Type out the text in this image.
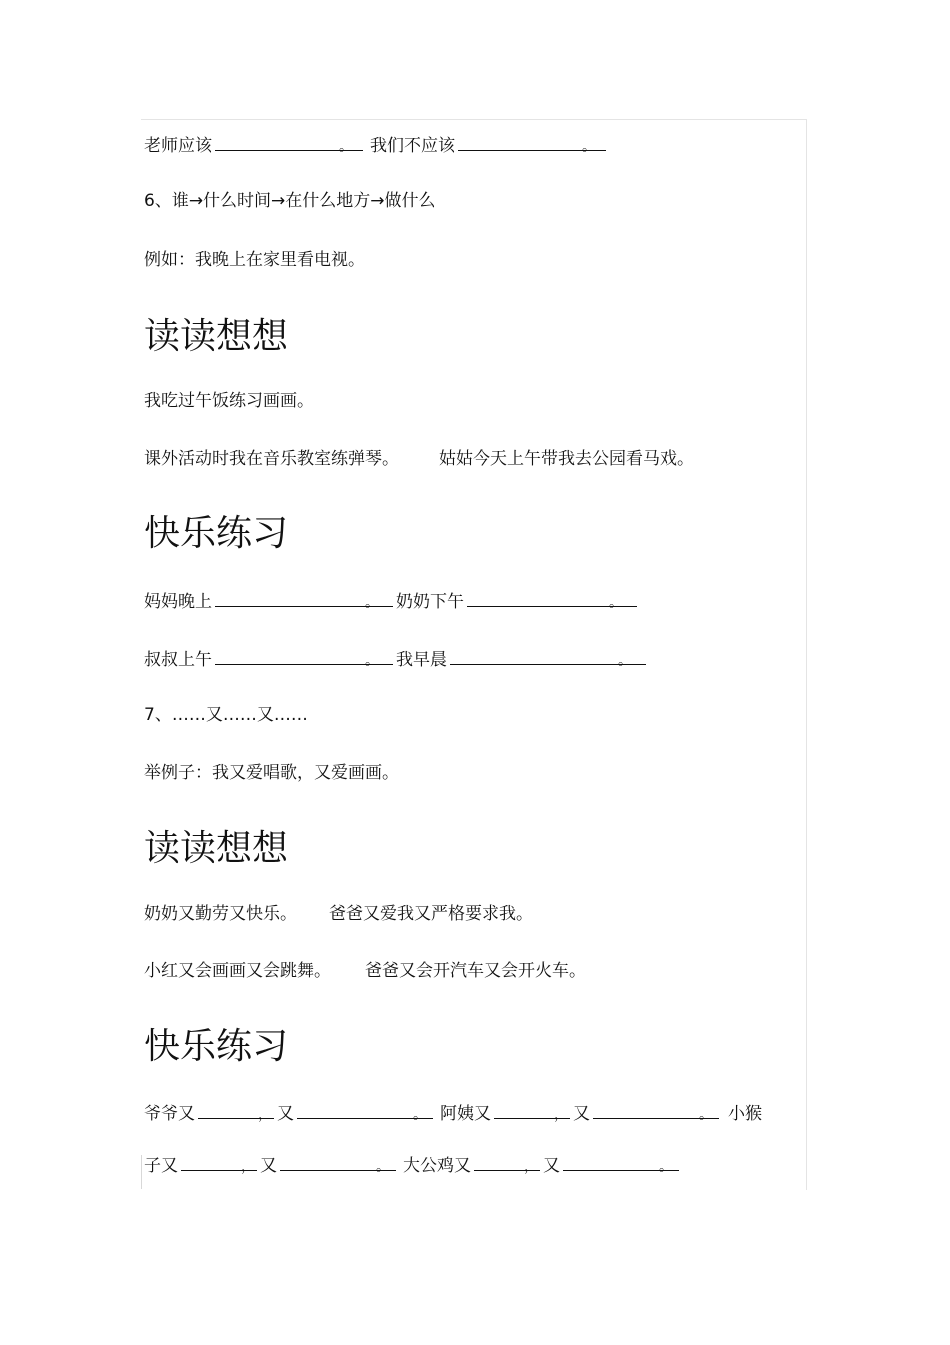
老师应该	。 我们不应该	。
6、谁→什么时间→在什么地方→做什么
例如：我晚上在家里看电视。
读读想想
我吃过午饭练习画画。
课外活动时我在音乐教室练弹琴。 姑姑今天上午带我去公园看马戏。
快乐练习
妈妈晚上	。 奶奶下午	。
叔叔上午	。 我早晨	。
7、……又……又……
举例子：我又爱唱歌，又爱画画。
读读想想
奶奶又勤劳又快乐。 爸爸又爱我又严格要求我。
小红又会画画又会跳舞。 爸爸又会开汽车又会开火车。
快乐练习
爷爷又	， 又	。 阿姨又	， 又	。 小猴
子又	， 又	。 大公鸡又	， 又	。
